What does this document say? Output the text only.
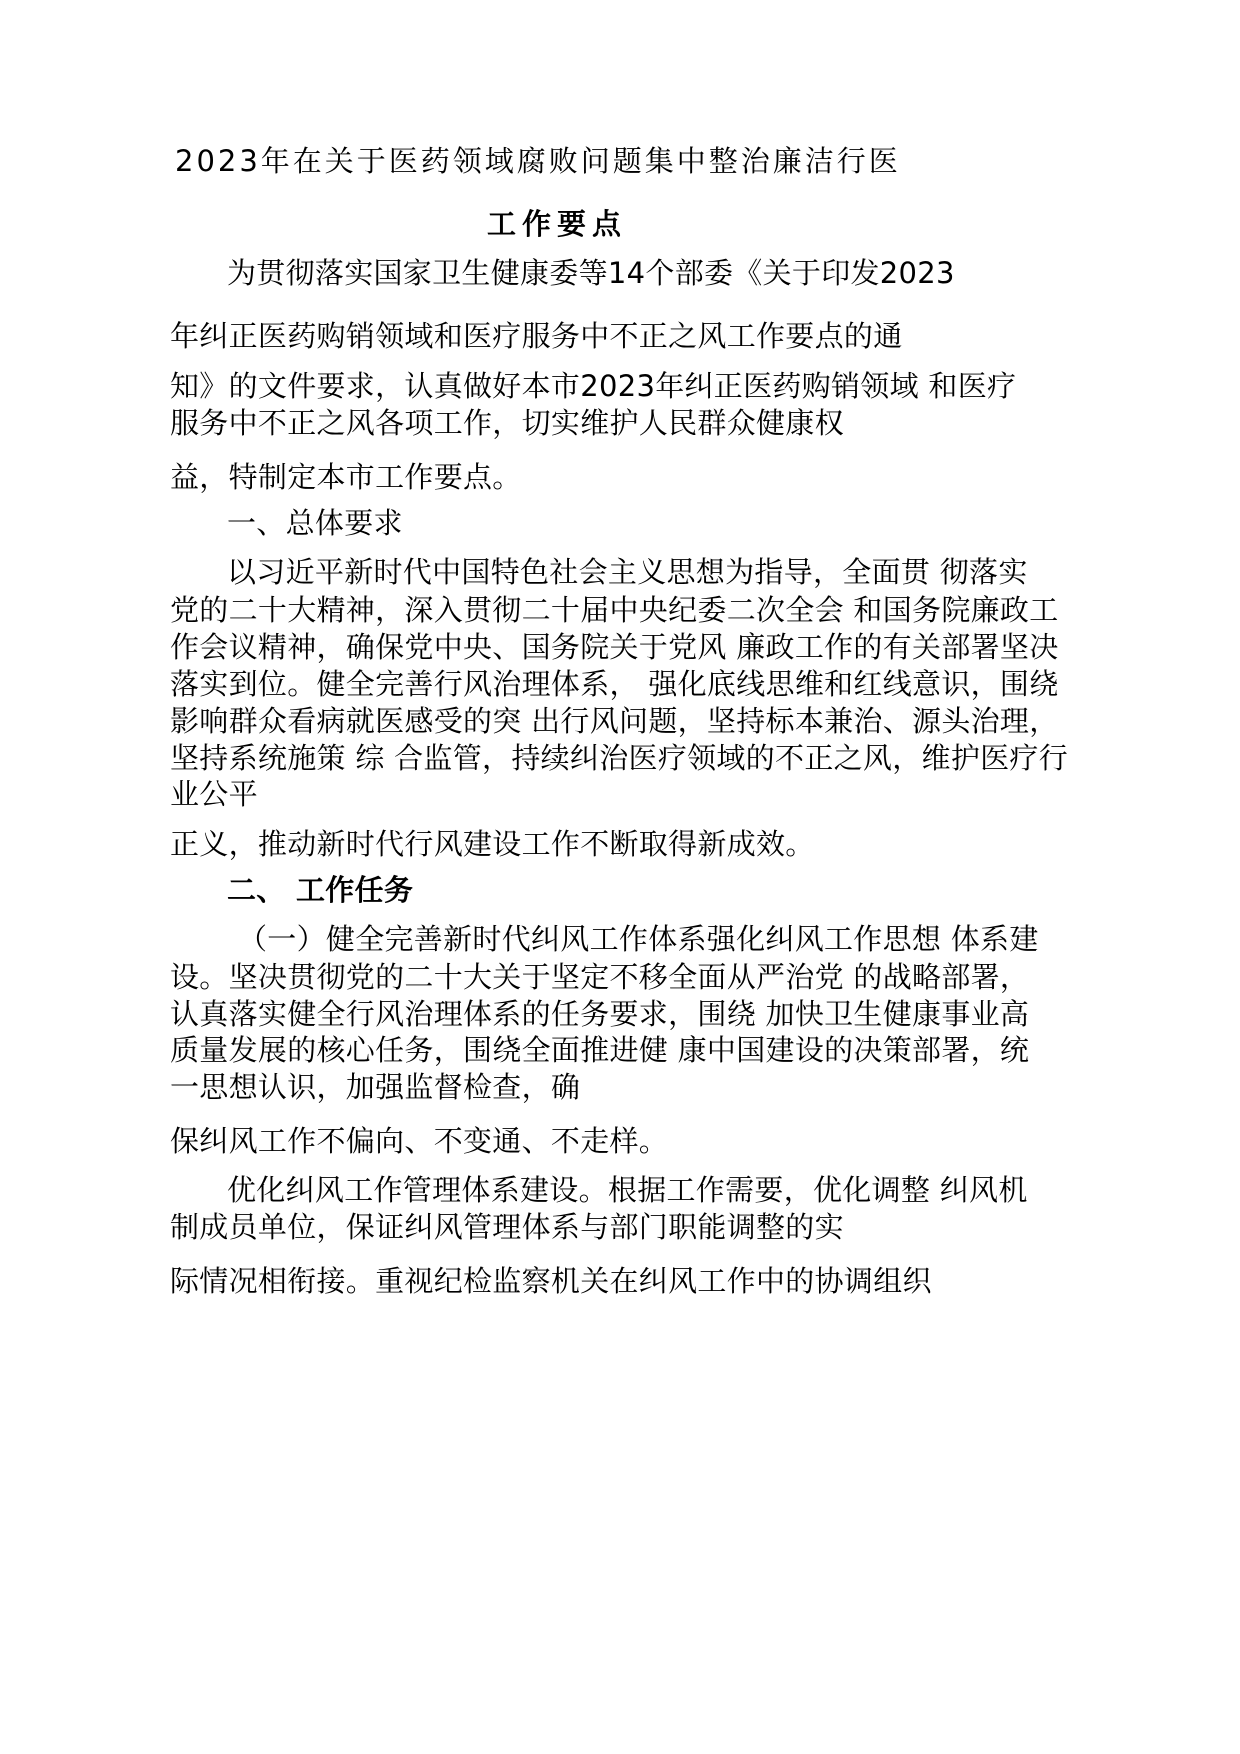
2023年在关于医药领域腐败问题集中整治廉洁行医
工作要点
为贯彻落实国家卫生健康委等14个部委《关于印发2023
年纠正医药购销领域和医疗服务中不正之风工作要点的通
知》的文件要求，认真做好本市2023年纠正医药购销领域 和医疗
服务中不正之风各项工作，切实维护人民群众健康权
益，特制定本市工作要点。
一、总体要求
以习近平新时代中国特色社会主义思想为指导，全面贯 彻落实
党的二十大精神，深入贯彻二十届中央纪委二次全会 和国务院廉政工
作会议精神，确保党中央、国务院关于党风 廉政工作的有关部署坚决
落实到位。健全完善行风治理体系， 强化底线思维和红线意识，围绕
影响群众看病就医感受的突 出行风问题，坚持标本兼治、源头治理，
坚持系统施策 综 合监管，持续纠治医疗领域的不正之风，维护医疗行
业公平
正义，推动新时代行风建设工作不断取得新成效。
二、 工作任务
（一）健全完善新时代纠风工作体系强化纠风工作思想 体系建
设。坚决贯彻党的二十大关于坚定不移全面从严治党 的战略部署，
认真落实健全行风治理体系的任务要求，围绕 加快卫生健康事业高
质量发展的核心任务，围绕全面推进健 康中国建设的决策部署，统
一思想认识，加强监督检查，确
保纠风工作不偏向、不变通、不走样。
优化纠风工作管理体系建设。根据工作需要，优化调整 纠风机
制成员单位，保证纠风管理体系与部门职能调整的实
际情况相衔接。重视纪检监察机关在纠风工作中的协调组织
